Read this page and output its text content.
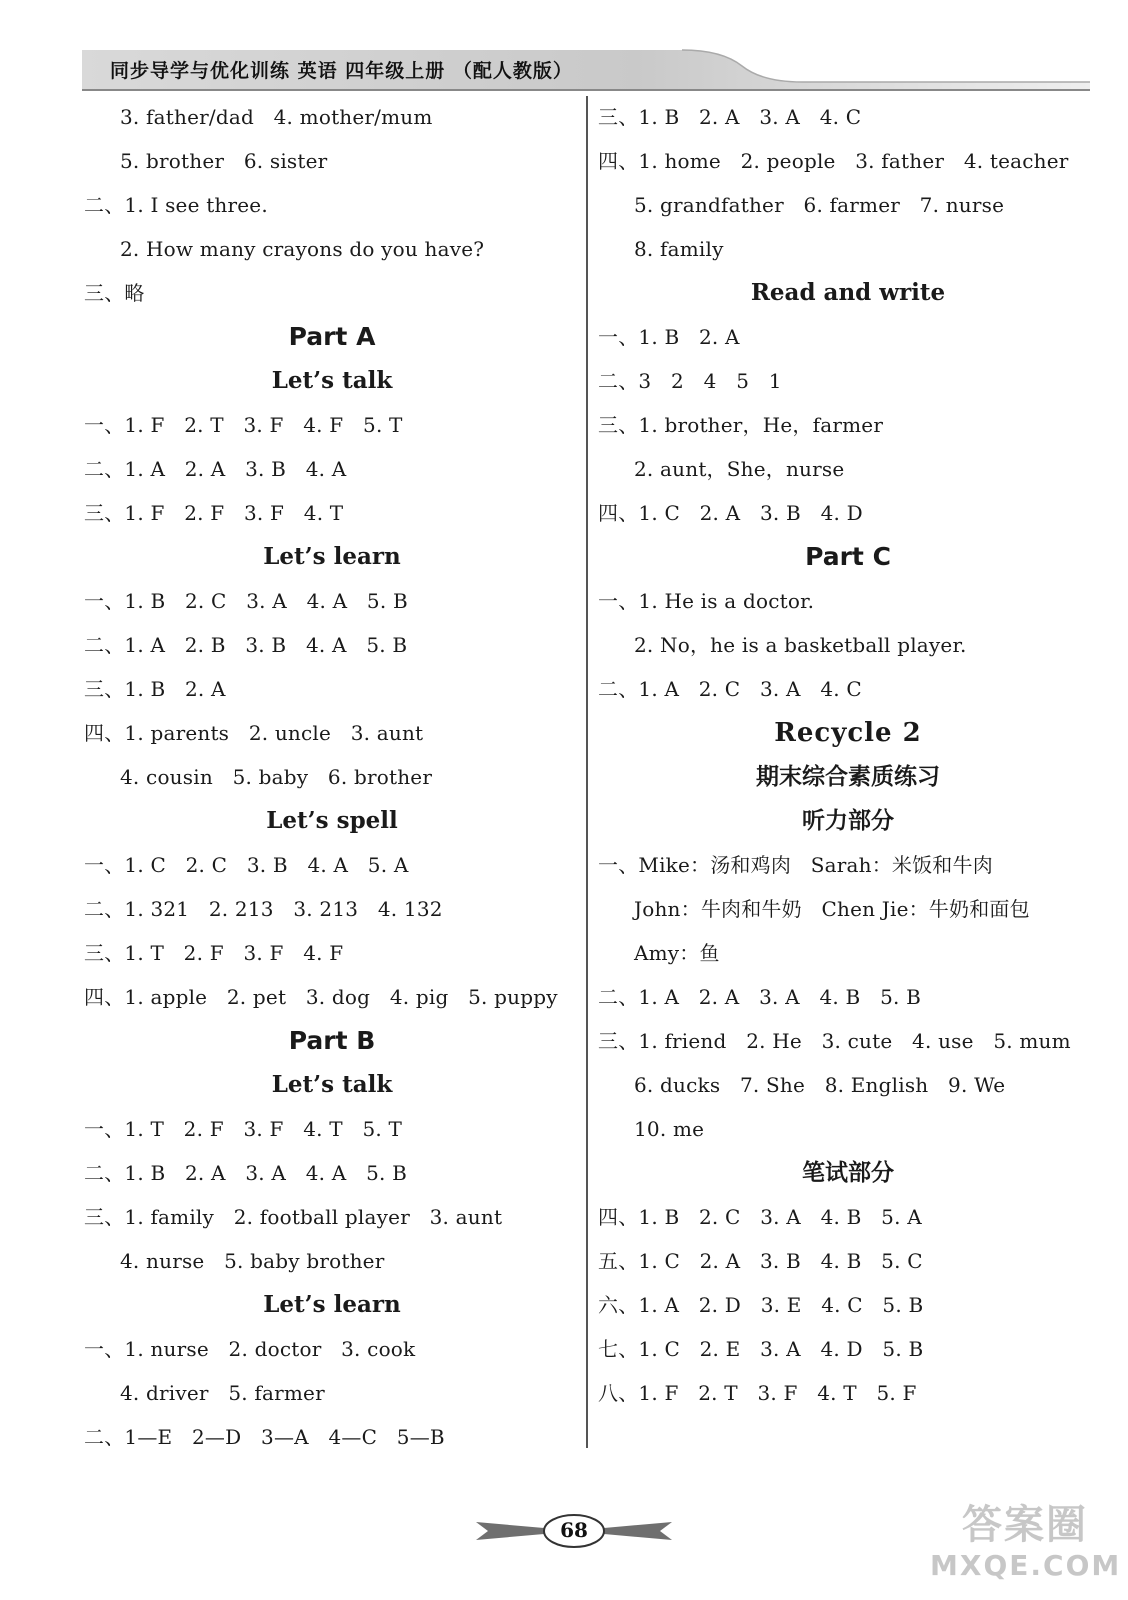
同步导学与优化训练 英语 四年级上册 （配人教版）
3. father/dad   4. mother/mum
5. brother   6. sister
二、1. I see three.
2. How many crayons do you have?
三、略
Part A
Let’s talk
一、1. F   2. T   3. F   4. F   5. T
二、1. A   2. A   3. B   4. A
三、1. F   2. F   3. F   4. T
Let’s learn
一、1. B   2. C   3. A   4. A   5. B
二、1. A   2. B   3. B   4. A   5. B
三、1. B   2. A
四、1. parents   2. uncle   3. aunt
4. cousin   5. baby   6. brother
Let’s spell
一、1. C   2. C   3. B   4. A   5. A
二、1. 321   2. 213   3. 213   4. 132
三、1. T   2. F   3. F   4. F
四、1. apple   2. pet   3. dog   4. pig   5. puppy
Part B
Let’s talk
一、1. T   2. F   3. F   4. T   5. T
二、1. B   2. A   3. A   4. A   5. B
三、1. family   2. football player   3. aunt
4. nurse   5. baby brother
Let’s learn
一、1. nurse   2. doctor   3. cook
4. driver   5. farmer
二、1—E   2—D   3—A   4—C   5—B
三、1. B   2. A   3. A   4. C
四、1. home   2. people   3. father   4. teacher
5. grandfather   6. farmer   7. nurse
8. family
Read and write
一、1. B   2. A
二、3   2   4   5   1
三、1. brother，He，farmer
2. aunt，She，nurse
四、1. C   2. A   3. B   4. D
Part C
一、1. He is a doctor.
2. No，he is a basketball player.
二、1. A   2. C   3. A   4. C
Recycle 2
期末综合素质练习
听力部分
一、Mike：汤和鸡肉   Sarah：米饭和牛肉
John：牛肉和牛奶   Chen Jie：牛奶和面包
Amy：鱼
二、1. A   2. A   3. A   4. B   5. B
三、1. friend   2. He   3. cute   4. use   5. mum
6. ducks   7. She   8. English   9. We
10. me
笔试部分
四、1. B   2. C   3. A   4. B   5. A
五、1. C   2. A   3. B   4. B   5. C
六、1. A   2. D   3. E   4. C   5. B
七、1. C   2. E   3. A   4. D   5. B
八、1. F   2. T   3. F   4. T   5. F
68	答案圈
MXQE.COM
